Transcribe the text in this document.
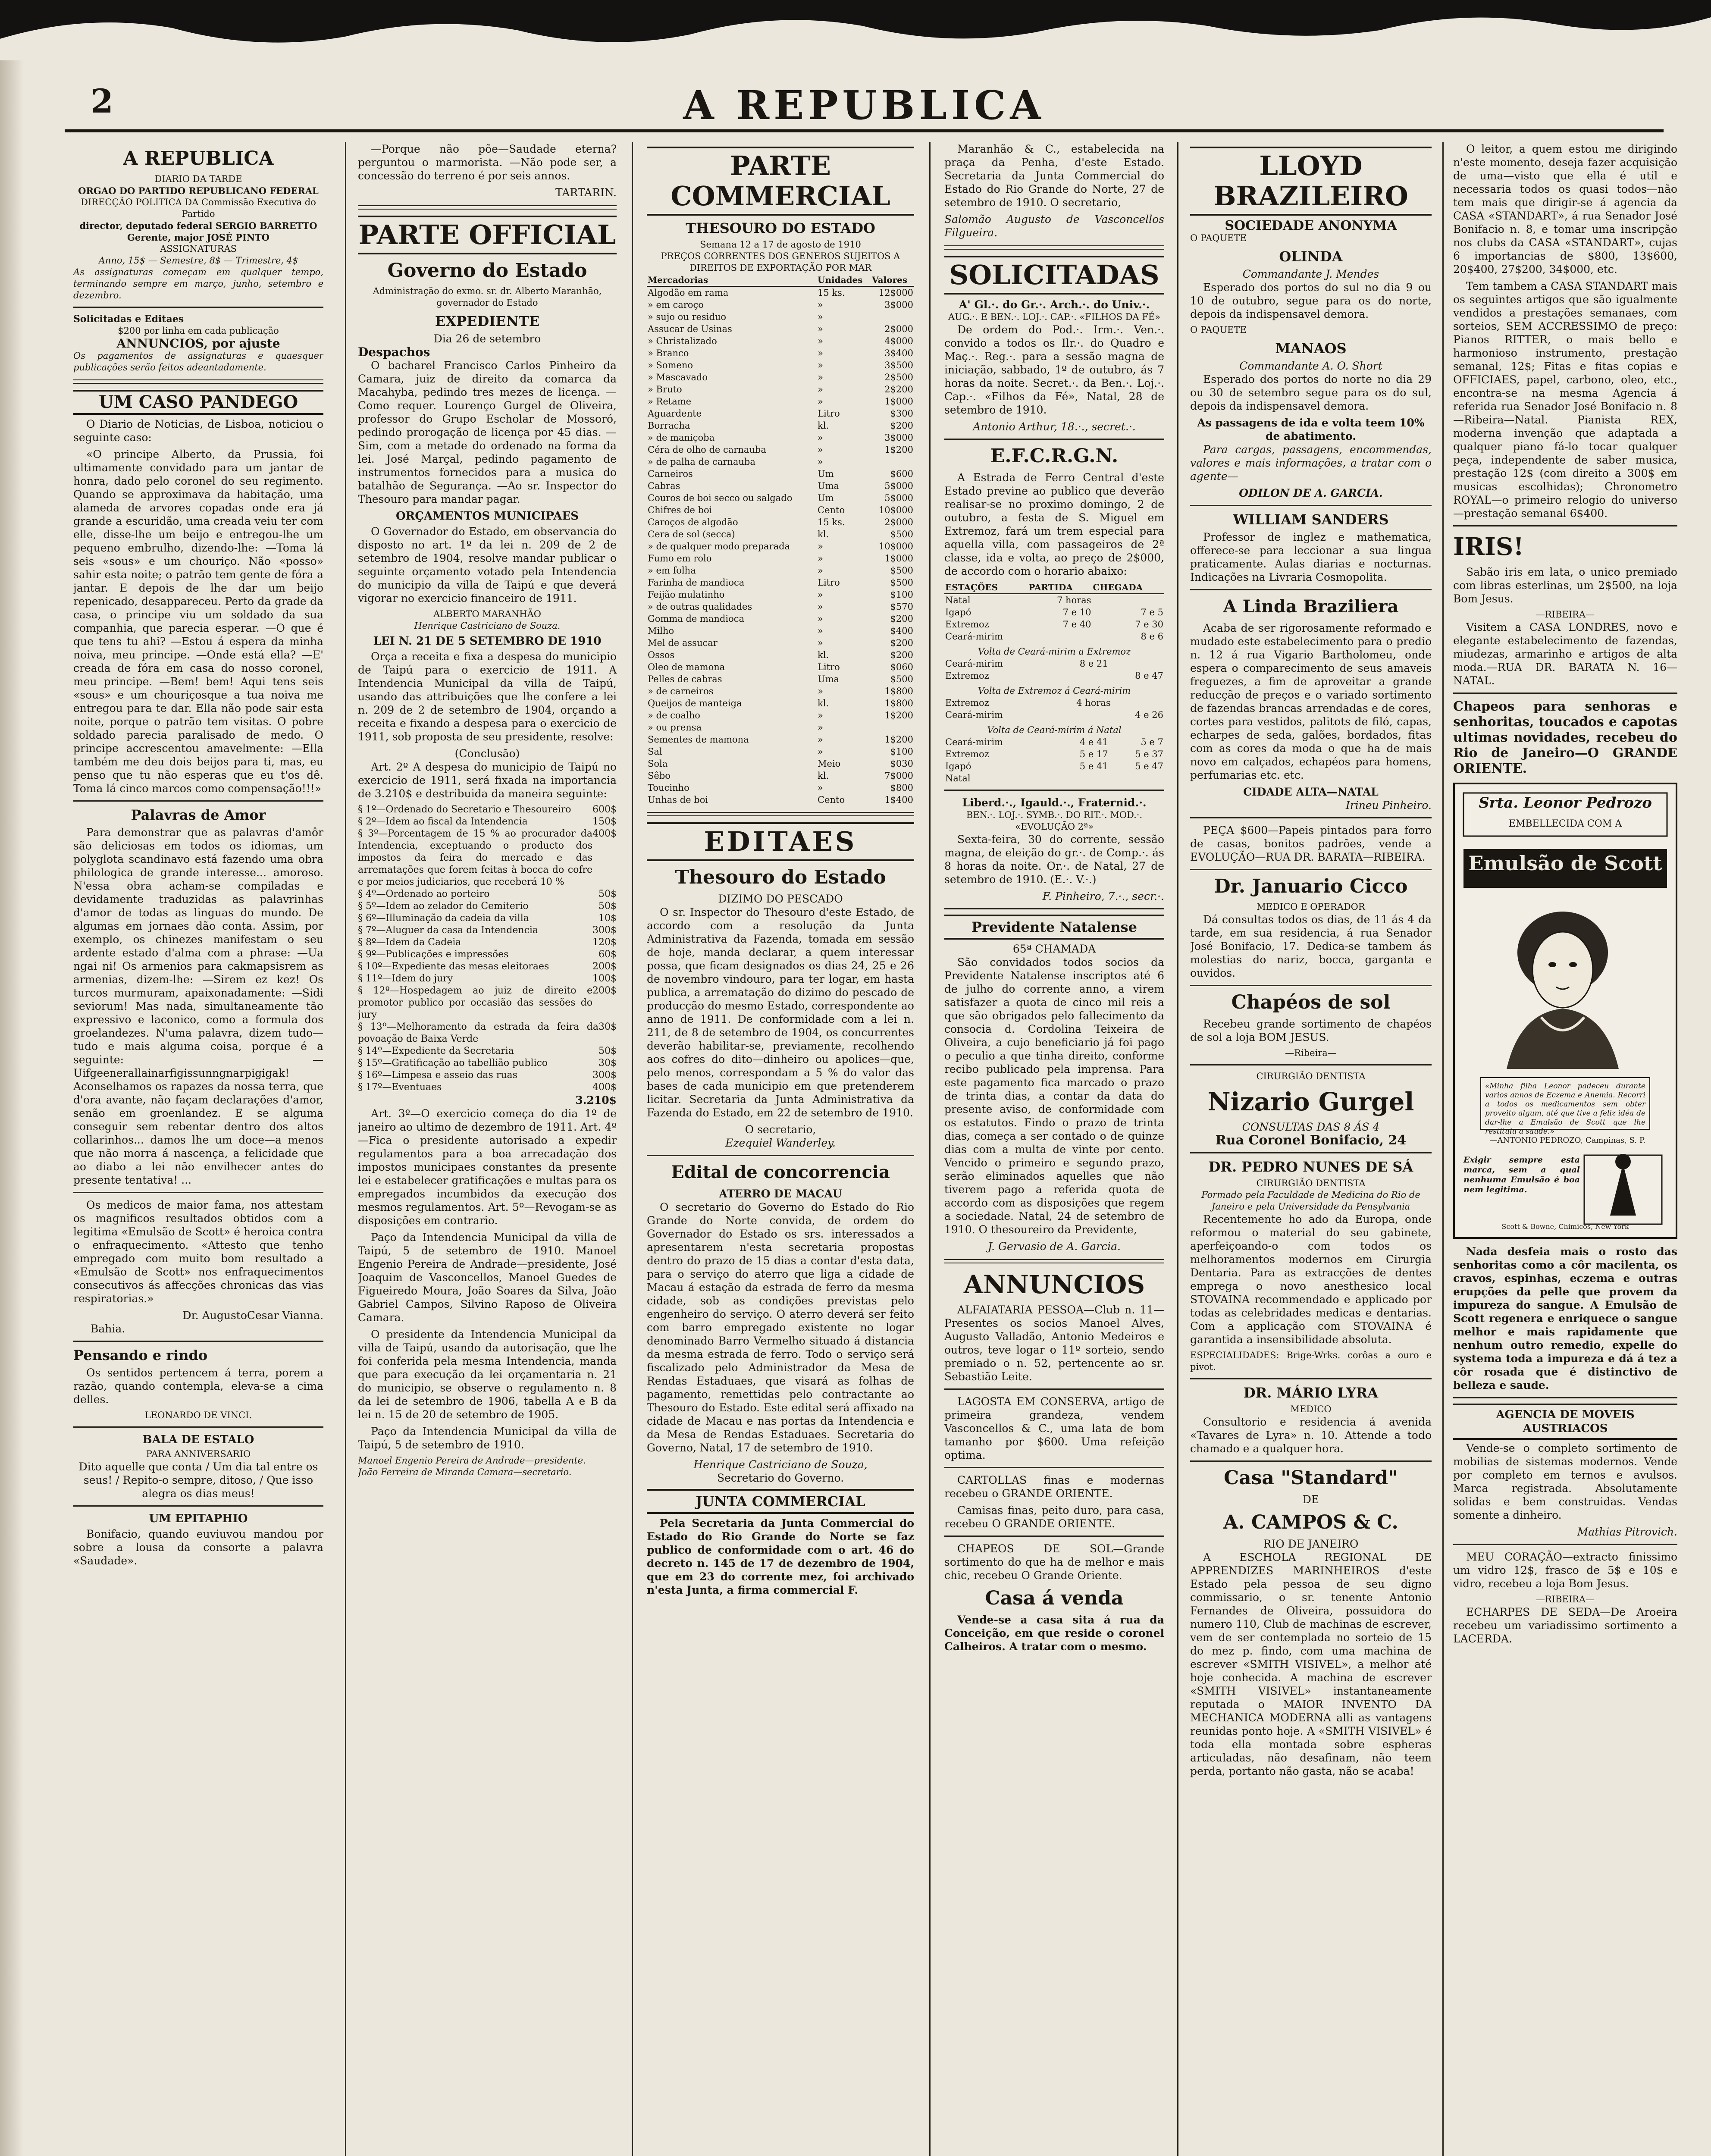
2	A REPUBLICA
A REPUBLICA
DIARIO DA TARDE
ORGAO DO PARTIDO REPUBLICANO FEDERAL
DIRECÇÃO POLITICA DA Commissão Executiva do Partido
director, deputado federal SERGIO BARRETTO
Gerente, major JOSÉ PINTO
ASSIGNATURAS
Anno, 15$ — Semestre, 8$ — Trimestre, 4$
As assignaturas começam em qualquer tempo, terminando sempre em março, junho, setembro e dezembro.
Solicitadas e Editaes
$200 por linha em cada publicação
ANNUNCIOS, por ajuste
Os pagamentos de assignaturas e quaesquer publicações serão feitos adeantadamente.
UM CASO PANDEGO

O Diario de Noticias, de Lisboa, noticiou o seguinte caso:

«O principe Alberto, da Prussia, foi ultimamente convidado para um jantar de honra, dado pelo coronel do seu regimento. Quando se approximava da habitação, uma alameda de arvores copadas onde era já grande a escuridão, uma creada veiu ter com elle, disse-lhe um beijo e entregou-lhe um pequeno embrulho, dizendo-lhe: —Toma lá seis «sous» e um chouriço. Não «posso» sahir esta noite; o patrão tem gente de fóra a jantar. E depois de lhe dar um beijo repenicado, desappareceu. Perto da grade da casa, o principe viu um soldado da sua companhia, que parecia esperar. —O que é que tens tu ahi? —Estou á espera da minha noiva, meu principe. —Onde está ella? —E' creada de fóra em casa do nosso coronel, meu principe. —Bem! bem! Aqui tens seis «sous» e um chouriçosque a tua noiva me entregou para te dar. Ella não pode sair esta noite, porque o patrão tem visitas. O pobre soldado parecia paralisado de medo. O principe accrescentou amavelmente: —Ella também me deu dois beijos para ti, mas, eu penso que tu não esperas que eu t'os dê. Toma lá cinco marcos como compensação!!!»

Palavras de Amor

Para demonstrar que as palavras d'amôr são deliciosas em todos os idiomas, um polyglota scandinavo está fazendo uma obra philologica de grande interesse... amoroso. N'essa obra acham-se compiladas e devidamente traduzidas as palavrinhas d'amor de todas as linguas do mundo. De algumas em jornaes dão conta. Assim, por exemplo, os chinezes manifestam o seu ardente estado d'alma com a phrase: —Ua ngai ni! Os armenios para cakmapsisrem as armenias, dizem-lhe: —Sirem ez kez! Os turcos murmuram, apaixonadamente: —Sidi seviorum! Mas nada, simultaneamente tão expressivo e laconico, como a formula dos groelandezes. N'uma palavra, dizem tudo—tudo e mais alguma coisa, porque é a seguinte: —Uifgeenerallainarfigissunngnarpigigak! Aconselhamos os rapazes da nossa terra, que d'ora avante, não façam declarações d'amor, senão em groenlandez. E se alguma conseguir sem rebentar dentro dos altos collarinhos... damos lhe um doce—a menos que não morra á nascença, a felicidade que ao diabo a lei não envilhecer antes do presente tentativa! ...

Os medicos de maior fama, nos attestam os magnificos resultados obtidos com a legitima «Emulsão de Scott» é heroica contra o enfraquecimento. «Attesto que tenho empregado com muito bom resultado a «Emulsão de Scott» nos enfraquecimentos consecutivos ás affecções chronicas das vias respiratorias.»

Dr. AugustoCesar Vianna.
Bahia.
Pensando e rindo

Os sentidos pertencem á terra, porem a razão, quando contempla, eleva-se a cima delles.

LEONARDO DE VINCI.
BALA DE ESTALO
PARA ANNIVERSARIO
Dito aquelle que conta / Um dia tal entre os seus! / Repito-o sempre, ditoso, / Que isso alegra os dias meus!
UM EPITAPHIO

Bonifacio, quando euviuvou mandou por sobre a lousa da consorte a palavra «Saudade».

—Porque não põe—Saudade eterna? perguntou o marmorista. —Não pode ser, a concessão do terreno é por seis annos.

TARTARIN.
PARTE OFFICIAL
Governo do Estado
Administração do exmo. sr. dr. Alberto Maranhão, governador do Estado
EXPEDIENTE
Dia 26 de setembro
Despachos

O bacharel Francisco Carlos Pinheiro da Camara, juiz de direito da comarca da Macahyba, pedindo tres mezes de licença. —Como requer. Lourenço Gurgel de Oliveira, professor do Grupo Escholar de Mossoró, pedindo prorogação de licença por 45 dias. —Sim, com a metade do ordenado na forma da lei. José Marçal, pedindo pagamento de instrumentos fornecidos para a musica do batalhão de Segurança. —Ao sr. Inspector do Thesouro para mandar pagar.

ORÇAMENTOS MUNICIPAES

O Governador do Estado, em observancia do disposto no art. 1º da lei n. 209 de 2 de setembro de 1904, resolve mandar publicar o seguinte orçamento votado pela Intendencia do municipio da villa de Taipú e que deverá vigorar no exercicio financeiro de 1911.

ALBERTO MARANHÃO
Henrique Castriciano de Souza.
LEI N. 21 DE 5 SETEMBRO DE 1910

Orça a receita e fixa a despesa do municipio de Taipú para o exercicio de 1911. A Intendencia Municipal da villa de Taipú, usando das attribuições que lhe confere a lei n. 209 de 2 de setembro de 1904, orçando a receita e fixando a despesa para o exercicio de 1911, sob proposta de seu presidente, resolve:

(Conclusão)

Art. 2º A despesa do municipio de Taipú no exercicio de 1911, será fixada na importancia de 3.210$ e destribuida da maneira seguinte:

§ 1º—Ordenado do Secretario e Thesoureiro 600$
§ 2º—Idem ao fiscal da Intendencia	150$
§ 3º—Porcentagem de 15 % ao procurador da Intendencia, exceptuando o producto dos impostos da feira do mercado e das arrematações que forem feitas à bocca do cofre e por meios judiciarios, que receberá 10 %
400$
§ 4º—Ordenado ao porteiro	50$
§ 5º—Idem ao zelador do Cemiterio	50$
§ 6º—Illuminação da cadeia da villa	10$
§ 7º—Aluguer da casa da Intendencia	300$
§ 8º—Idem da Cadeia	120$
§ 9º—Publicações e impressões	60$
§ 10º—Expediente das mesas eleitoraes	200$
§ 11º—Idem do jury	100$
§ 12º—Hospedagem ao juiz de direito e promotor publico por occasião das sessões do jury
200$
§ 13º—Melhoramento da estrada da feira da povoação de Baixa Verde
30$
§ 14º—Expediente da Secretaria	50$
§ 15º—Gratificação ao tabellião publico	30$
§ 16º—Limpesa e asseio das ruas	300$
§ 17º—Eventuaes	400$
3.210$

Art. 3º—O exercicio começa do dia 1º de janeiro ao ultimo de dezembro de 1911. Art. 4º—Fica o presidente autorisado a expedir regulamentos para a boa arrecadação dos impostos municipaes constantes da presente lei e estabelecer gratificações e multas para os empregados incumbidos da execução dos mesmos regulamentos. Art. 5º—Revogam-se as disposições em contrario.

Paço da Intendencia Municipal da villa de Taipú, 5 de setembro de 1910. Manoel Engenio Pereira de Andrade—presidente, José Joaquim de Vasconcellos, Manoel Guedes de Figueiredo Moura, João Soares da Silva, João Gabriel Campos, Silvino Raposo de Oliveira Camara.

O presidente da Intendencia Municipal da villa de Taipú, usando da autorisação, que lhe foi conferida pela mesma Intendencia, manda que para execução da lei orçamentaria n. 21 do municipio, se observe o regulamento n. 8 da lei de setembro de 1906, tabella A e B da lei n. 15 de 20 de setembro de 1905.

Paço da Intendencia Municipal da villa de Taipú, 5 de setembro de 1910.

Manoel Engenio Pereira de Andrade—presidente.
João Ferreira de Miranda Camara—secretario.
PARTE COMMERCIAL
THESOURO DO ESTADO
Semana 12 a 17 de agosto de 1910
PREÇOS CORRENTES DOS GENEROS SUJEITOS A DIREITOS DE EXPORTAÇÃO POR MAR
Mercadorias	Unidades	Valores
Algodão em rama	15 ks.	12$000
» em caroço	»	3$000
» sujo ou residuo	»	
Assucar de Usinas	»	2$000
» Christalizado	»	4$000
» Branco	»	3$400
» Someno	»	3$500
» Mascavado	»	2$500
» Bruto	»	2$200
» Retame	»	1$000
Aguardente	Litro	$300
Borracha	kl.	$200
» de maniçoba	»	3$000
Céra de olho de carnauba	»	1$200
» de palha de carnauba	»	
Carneiros	Um	$600
Cabras	Uma	5$000
Couros de boi secco ou salgado	Um	5$000
Chifres de boi	Cento	10$000
Caroços de algodão	15 ks.	2$000
Cera de sol (secca)	kl.	$500
» de qualquer modo preparada	»	10$000
Fumo em rolo	»	1$000
» em folha	»	$500
Farinha de mandioca	Litro	$500
Feijão mulatinho	»	$100
» de outras qualidades	»	$570
Gomma de mandioca	»	$200
Milho	»	$400
Mel de assucar	»	$200
Ossos	kl.	$200
Oleo de mamona	Litro	$060
Pelles de cabras	Uma	$500
» de carneiros	»	1$800
Queijos de manteiga	kl.	1$800
» de coalho	»	1$200
» ou prensa	»	
Sementes de mamona	»	1$200
Sal	»	$100
Sola	Meio	$030
Sêbo	kl.	7$000
Toucinho	»	$800
Unhas de boi	Cento	1$400
EDITAES
Thesouro do Estado
DIZIMO DO PESCADO

O sr. Inspector do Thesouro d'este Estado, de accordo com a resolução da Junta Administrativa da Fazenda, tomada em sessão de hoje, manda declarar, a quem interessar possa, que ficam designados os dias 24, 25 e 26 de novembro vindouro, para ter logar, em hasta publica, a arrematação do dizimo do pescado de producção do mesmo Estado, correspondente ao anno de 1911. De conformidade com a lei n. 211, de 8 de setembro de 1904, os concurrentes deverão habilitar-se, previamente, recolhendo aos cofres do dito—dinheiro ou apolices—que, pelo menos, correspondam a 5 % do valor das bases de cada municipio em que pretenderem licitar. Secretaria da Junta Administrativa da Fazenda do Estado, em 22 de setembro de 1910.

O secretario,
Ezequiel Wanderley.
Edital de concorrencia
ATERRO DE MACAU

O secretario do Governo do Estado do Rio Grande do Norte convida, de ordem do Governador do Estado os srs. interessados a apresentarem n'esta secretaria propostas dentro do prazo de 15 dias a contar d'esta data, para o serviço do aterro que liga a cidade de Macau á estação da estrada de ferro da mesma cidade, sob as condições previstas pelo engenheiro do serviço. O aterro deverá ser feito com barro empregado existente no logar denominado Barro Vermelho situado á distancia da mesma estrada de ferro. Todo o serviço será fiscalizado pelo Administrador da Mesa de Rendas Estaduaes, que visará as folhas de pagamento, remettidas pelo contractante ao Thesouro do Estado. Este edital será affixado na cidade de Macau e nas portas da Intendencia e da Mesa de Rendas Estaduaes. Secretaria do Governo, Natal, 17 de setembro de 1910.

Henrique Castriciano de Souza,
Secretario do Governo.
JUNTA COMMERCIAL

Pela Secretaria da Junta Commercial do Estado do Rio Grande do Norte se faz publico de conformidade com o art. 46 do decreto n. 145 de 17 de dezembro de 1904, que em 23 do corrente mez, foi archivado n'esta Junta, a firma commercial F.

Maranhão & C., estabelecida na praça da Penha, d'este Estado. Secretaria da Junta Commercial do Estado do Rio Grande do Norte, 27 de setembro de 1910. O secretario,

Salomão Augusto de Vasconcellos Filgueira.
SOLICITADAS
A' Gl.·. do Gr.·. Arch.·. do Univ.·.
AUG.·. E BEN.·. LOJ.·. CAP.·. «FILHOS DA FÉ»

De ordem do Pod.·. Irm.·. Ven.·. convido a todos os Ilr.·. do Quadro e Maç.·. Reg.·. para a sessão magna de iniciação, sabbado, 1º de outubro, ás 7 horas da noite. Secret.·. da Ben.·. Loj.·. Cap.·. «Filhos da Fé», Natal, 28 de setembro de 1910.

Antonio Arthur, 18.·., secret.·.
E.F.C.R.G.N.

A Estrada de Ferro Central d'este Estado previne ao publico que deverão realisar-se no proximo domingo, 2 de outubro, a festa de S. Miguel em Extremoz, fará um trem especial para aquella villa, com passageiros de 2ª classe, ida e volta, ao preço de 2$000, de accordo com o horario abaixo:

ESTAÇÕES	PARTIDA	CHEGADA
Natal	7 horas	
Igapó	7 e 10	7 e 5
Extremoz	7 e 40	7 e 30
Ceará-mirim		8 e 6
Volta de Ceará-mirim a Extremoz
Ceará-mirim	8 e 21	
Extremoz		8 e 47
Volta de Extremoz á Ceará-mirim
Extremoz	4 horas	
Ceará-mirim		4 e 26
Volta de Ceará-mirim á Natal
Ceará-mirim	4 e 41	5 e 7
Extremoz	5 e 17	5 e 37
Igapó	5 e 41	5 e 47
Natal		
Liberd.·., Igauld.·., Fraternid.·.
BEN.·. LOJ.·. SYMB.·. DO RIT.·. MOD.·. «EVOLUÇÃO 2ª»

Sexta-feira, 30 do corrente, sessão magna, de eleição do gr.·. de Comp.·. ás 8 horas da noite. Or.·. de Natal, 27 de setembro de 1910. (E.·. V.·.)

F. Pinheiro, 7.·., secr.·.
Previdente Natalense
65ª CHAMADA

São convidados todos socios da Previdente Natalense inscriptos até 6 de julho do corrente anno, a virem satisfazer a quota de cinco mil reis a que são obrigados pelo fallecimento da consocia d. Cordolina Teixeira de Oliveira, a cujo beneficiario já foi pago o peculio a que tinha direito, conforme recibo publicado pela imprensa. Para este pagamento fica marcado o prazo de trinta dias, a contar da data do presente aviso, de conformidade com os estatutos. Findo o prazo de trinta dias, começa a ser contado o de quinze dias com a multa de vinte por cento. Vencido o primeiro e segundo prazo, serão eliminados aquelles que não tiverem pago a referida quota de accordo com as disposições que regem a sociedade. Natal, 24 de setembro de 1910. O thesoureiro da Previdente,

J. Gervasio de A. Garcia.
ANNUNCIOS

ALFAIATARIA PESSOA—Club n. 11—Presentes os socios Manoel Alves, Augusto Valladão, Antonio Medeiros e outros, teve logar o 11º sorteio, sendo premiado o n. 52, pertencente ao sr. Sebastião Leite.

LAGOSTA EM CONSERVA, artigo de primeira grandeza, vendem Vasconcellos & C., uma lata de bom tamanho por $600. Uma refeição optima.

CARTOLLAS finas e modernas recebeu o GRANDE ORIENTE.

Camisas finas, peito duro, para casa, recebeu O GRANDE ORIENTE.

CHAPEOS DE SOL—Grande sortimento do que ha de melhor e mais chic, recebeu O Grande Oriente.

Casa á venda

Vende-se a casa sita á rua da Conceição, em que reside o coronel Calheiros. A tratar com o mesmo.

LLOYD BRAZILEIRO
SOCIEDADE ANONYMA
O PAQUETE
OLINDA
Commandante J. Mendes

Esperado dos portos do sul no dia 9 ou 10 de outubro, segue para os do norte, depois da indispensavel demora.

O PAQUETE
MANAOS
Commandante A. O. Short

Esperado dos portos do norte no dia 29 ou 30 de setembro segue para os do sul, depois da indispensavel demora.

As passagens de ida e volta teem 10% de abatimento.

Para cargas, passagens, encommendas, valores e mais informações, a tratar com o agente—

ODILON DE A. GARCIA.
WILLIAM SANDERS

Professor de inglez e mathematica, offerece-se para leccionar a sua lingua praticamente. Aulas diarias e nocturnas. Indicações na Livraria Cosmopolita.

A Linda Braziliera

Acaba de ser rigorosamente reformado e mudado este estabelecimento para o predio n. 12 á rua Vigario Bartholomeu, onde espera o comparecimento de seus amaveis freguezes, a fim de aproveitar a grande reducção de preços e o variado sortimento de fazendas brancas arrendadas e de cores, cortes para vestidos, palitots de filó, capas, echarpes de seda, galões, bordados, fitas com as cores da moda o que ha de mais novo em calçados, echapéos para homens, perfumarias etc. etc.

CIDADE ALTA—NATAL
Irineu Pinheiro.

PEÇA $600—Papeis pintados para forro de casas, bonitos padrões, vende a EVOLUÇÃO—RUA DR. BARATA—RIBEIRA.

Dr. Januario Cicco
MEDICO E OPERADOR

Dá consultas todos os dias, de 11 ás 4 da tarde, em sua residencia, á rua Senador José Bonifacio, 17. Dedica-se tambem ás molestias do nariz, bocca, garganta e ouvidos.

Chapéos de sol

Recebeu grande sortimento de chapéos de sol a loja BOM JESUS.

—Ribeira—
CIRURGIÃO DENTISTA
Nizario Gurgel
CONSULTAS DAS 8 ÁS 4
Rua Coronel Bonifacio, 24
DR. PEDRO NUNES DE SÁ
CIRURGIÃO DENTISTA
Formado pela Faculdade de Medicina do Rio de Janeiro e pela Universidade da Pensylvania

Recentemente ho ado da Europa, onde reformou o material do seu gabinete, aperfeiçoando-o com todos os melhoramentos modernos em Cirurgia Dentaria. Para as extracções de dentes emprega o novo anesthesico local STOVAINA recommendado e applicado por todas as celebridades medicas e dentarias. Com a applicação com STOVAINA é garantida a insensibilidade absoluta.

ESPECIALIDADES: Brige-Wrks. corôas a ouro e pivot.
DR. MÁRIO LYRA
MEDICO

Consultorio e residencia á avenida «Tavares de Lyra» n. 10. Attende a todo chamado e a qualquer hora.

Casa "Standard"
DE
A. CAMPOS & C.
RIO DE JANEIRO

A ESCHOLA REGIONAL DE APPRENDIZES MARINHEIROS d'este Estado pela pessoa de seu digno commissario, o sr. tenente Antonio Fernandes de Oliveira, possuidora do numero 110, Club de machinas de escrever, vem de ser contemplada no sorteio de 15 do mez p. findo, com uma machina de escrever «SMITH VISIVEL», a melhor até hoje conhecida. A machina de escrever «SMITH VISIVEL» instantaneamente reputada o MAIOR INVENTO DA MECHANICA MODERNA alli as vantagens reunidas ponto hoje. A «SMITH VISIVEL» é toda ella montada sobre espheras articuladas, não desafinam, não teem perda, portanto não gasta, não se acaba!

O leitor, a quem estou me dirigindo n'este momento, deseja fazer acquisição de uma—visto que ella é util e necessaria todos os quasi todos—não tem mais que dirigir-se á agencia da CASA «STANDART», á rua Senador José Bonifacio n. 8, e tomar uma inscripção nos clubs da CASA «STANDART», cujas 6 importancias de $800, 13$600, 20$400, 27$200, 34$000, etc.

Tem tambem a CASA STANDART mais os seguintes artigos que são igualmente vendidos a prestações semanaes, com sorteios, SEM ACCRESSIMO de preço: Pianos RITTER, o mais bello e harmonioso instrumento, prestação semanal, 12$; Fitas e fitas copias e OFFICIAES, papel, carbono, oleo, etc., encontra-se na mesma Agencia á referida rua Senador José Bonifacio n. 8—Ribeira—Natal. Pianista REX, moderna invenção que adaptada a qualquer piano fá-lo tocar qualquer peça, independente de saber musica, prestação 12$ (com direito a 300$ em musicas escolhidas); Chronometro ROYAL—o primeiro relogio do universo—prestação semanal 6$400.

IRIS!

Sabão iris em lata, o unico premiado com libras esterlinas, um 2$500, na loja Bom Jesus.

—RIBEIRA—

Visitem a CASA LONDRES, novo e elegante estabelecimento de fazendas, miudezas, armarinho e artigos de alta moda.—RUA DR. BARATA N. 16—NATAL.

Chapeos para senhoras e senhoritas, toucados e capotas ultimas novidades, recebeu do Rio de Janeiro—O GRANDE ORIENTE.

Srta. Leonor Pedrozo
EMBELLECIDA COM A
Emulsão de Scott
«Minha filha Leonor padeceu durante varios annos de Eczema e Anemia. Recorri a todos os medicamentos sem obter proveito algum, até que tive a feliz idéa de dar-lhe a Emulsão de Scott que lhe restituiu a saude.»
—ANTONIO PEDROZO, Campinas, S. P.
Exigir sempre esta marca, sem a qual nenhuma Emulsão é boa nem legitima.
Scott & Bowne, Chimicos, New York

Nada desfeia mais o rosto das senhoritas como a côr macilenta, os cravos, espinhas, eczema e outras erupções da pelle que provem da impureza do sangue. A Emulsão de Scott regenera e enriquece o sangue melhor e mais rapidamente que nenhum outro remedio, expelle do systema toda a impureza e dá á tez a côr rosada que é distinctivo de belleza e saude.

AGENCIA DE MOVEIS AUSTRIACOS

Vende-se o completo sortimento de mobilias de sistemas modernos. Vende por completo em ternos e avulsos. Marca registrada. Absolutamente solidas e bem construidas. Vendas somente a dinheiro.

Mathias Pitrovich.

MEU CORAÇÃO—extracto finissimo um vidro 12$, frasco de 5$ e 10$ e vidro, recebeu a loja Bom Jesus.

—RIBEIRA—

ECHARPES DE SEDA—De Aroeira recebeu um variadissimo sortimento a LACERDA.
